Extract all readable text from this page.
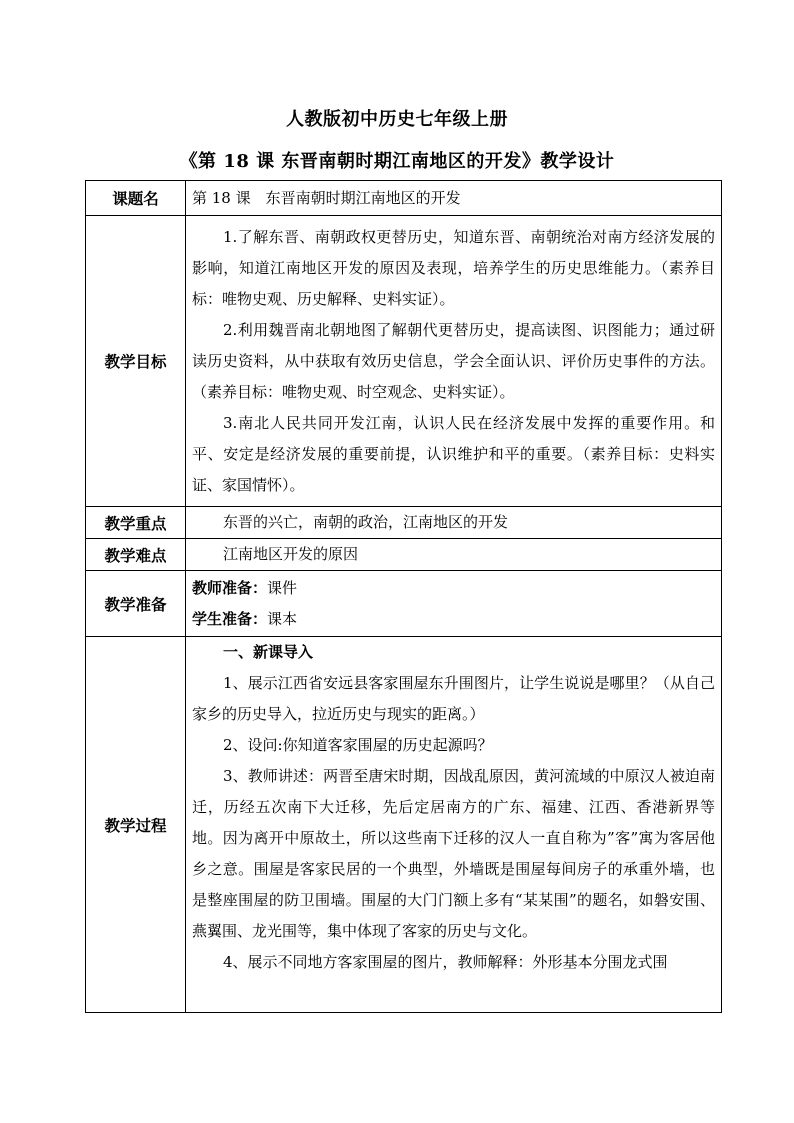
人教版初中历史七年级上册
《第 18 课 东晋南朝时期江南地区的开发》教学设计
课题名	第 18 课　东晋南朝时期江南地区的开发
教学目标	1.了解东晋、南朝政权更替历史，知道东晋、南朝统治对南方经济发展的影响，知道江南地区开发的原因及表现，培养学生的历史思维能力。（素养目标：唯物史观、历史解释、史料实证）。

2.利用魏晋南北朝地图了解朝代更替历史，提高读图、识图能力；通过研读历史资料，从中获取有效历史信息，学会全面认识、评价历史事件的方法。（素养目标：唯物史观、时空观念、史料实证）。

3.南北人民共同开发江南，认识人民在经济发展中发挥的重要作用。和平、安定是经济发展的重要前提，认识维护和平的重要。（素养目标：史料实证、家国情怀）。

教学重点	东晋的兴亡，南朝的政治，江南地区的开发

教学难点	江南地区开发的原因

教学准备	教师准备：课件
学生准备：课本

教学过程	一、新课导入

1、展示江西省安远县客家围屋东升围图片，让学生说说是哪里？（从自己家乡的历史导入，拉近历史与现实的距离。）

2、设问:你知道客家围屋的历史起源吗？

3、教师讲述：两晋至唐宋时期，因战乱原因，黄河流域的中原汉人被迫南迁，历经五次南下大迁移，先后定居南方的广东、福建、江西、香港新界等地。因为离开中原故土，所以这些南下迁移的汉人一直自称为”客”寓为客居他乡之意。围屋是客家民居的一个典型，外墙既是围屋每间房子的承重外墙，也是整座围屋的防卫围墙。围屋的大门门额上多有“某某围”的题名，如磐安围、燕翼围、龙光围等，集中体现了客家的历史与文化。

4、展示不同地方客家围屋的图片，教师解释：外形基本分围龙式围
